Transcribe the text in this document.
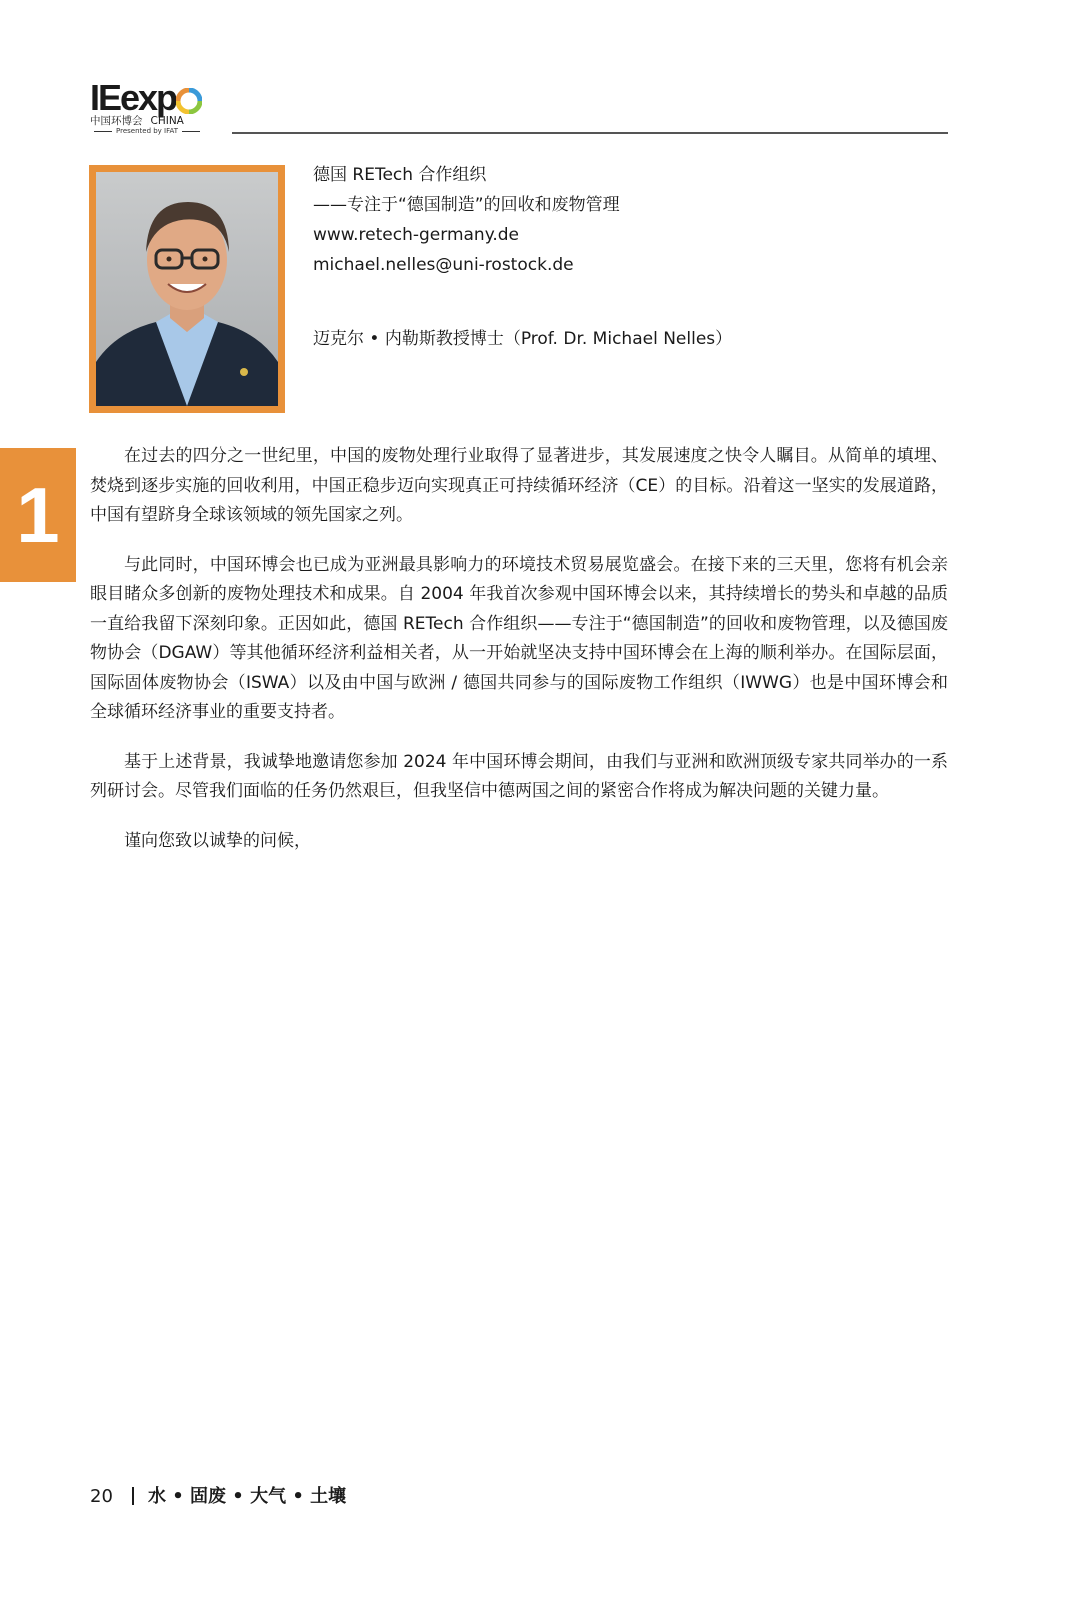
IEexp
中国环博会 CHINA
Presented by IFAT
德国 RETech 合作组织
——专注于“德国制造”的回收和废物管理
www.retech-germany.de
michael.nelles@uni-rostock.de
迈克尔 • 内勒斯教授博士（Prof. Dr. Michael Nelles）
1

在过去的四分之一世纪里，中国的废物处理行业取得了显著进步，其发展速度之快令人瞩目。从简单的填埋、焚烧到逐步实施的回收利用，中国正稳步迈向实现真正可持续循环经济（CE）的目标。沿着这一坚实的发展道路，中国有望跻身全球该领域的领先国家之列。

与此同时，中国环博会也已成为亚洲最具影响力的环境技术贸易展览盛会。在接下来的三天里，您将有机会亲眼目睹众多创新的废物处理技术和成果。自 2004 年我首次参观中国环博会以来，其持续增长的势头和卓越的品质一直给我留下深刻印象。正因如此，德国 RETech 合作组织——专注于“德国制造”的回收和废物管理，以及德国废物协会（DGAW）等其他循环经济利益相关者，从一开始就坚决支持中国环博会在上海的顺利举办。在国际层面，国际固体废物协会（ISWA）以及由中国与欧洲 / 德国共同参与的国际废物工作组织（IWWG）也是中国环博会和全球循环经济事业的重要支持者。

基于上述背景，我诚挚地邀请您参加 2024 年中国环博会期间，由我们与亚洲和欧洲顶级专家共同举办的一系列研讨会。尽管我们面临的任务仍然艰巨，但我坚信中德两国之间的紧密合作将成为解决问题的关键力量。

谨向您致以诚挚的问候，

20 水 • 固废 • 大气 • 土壤
